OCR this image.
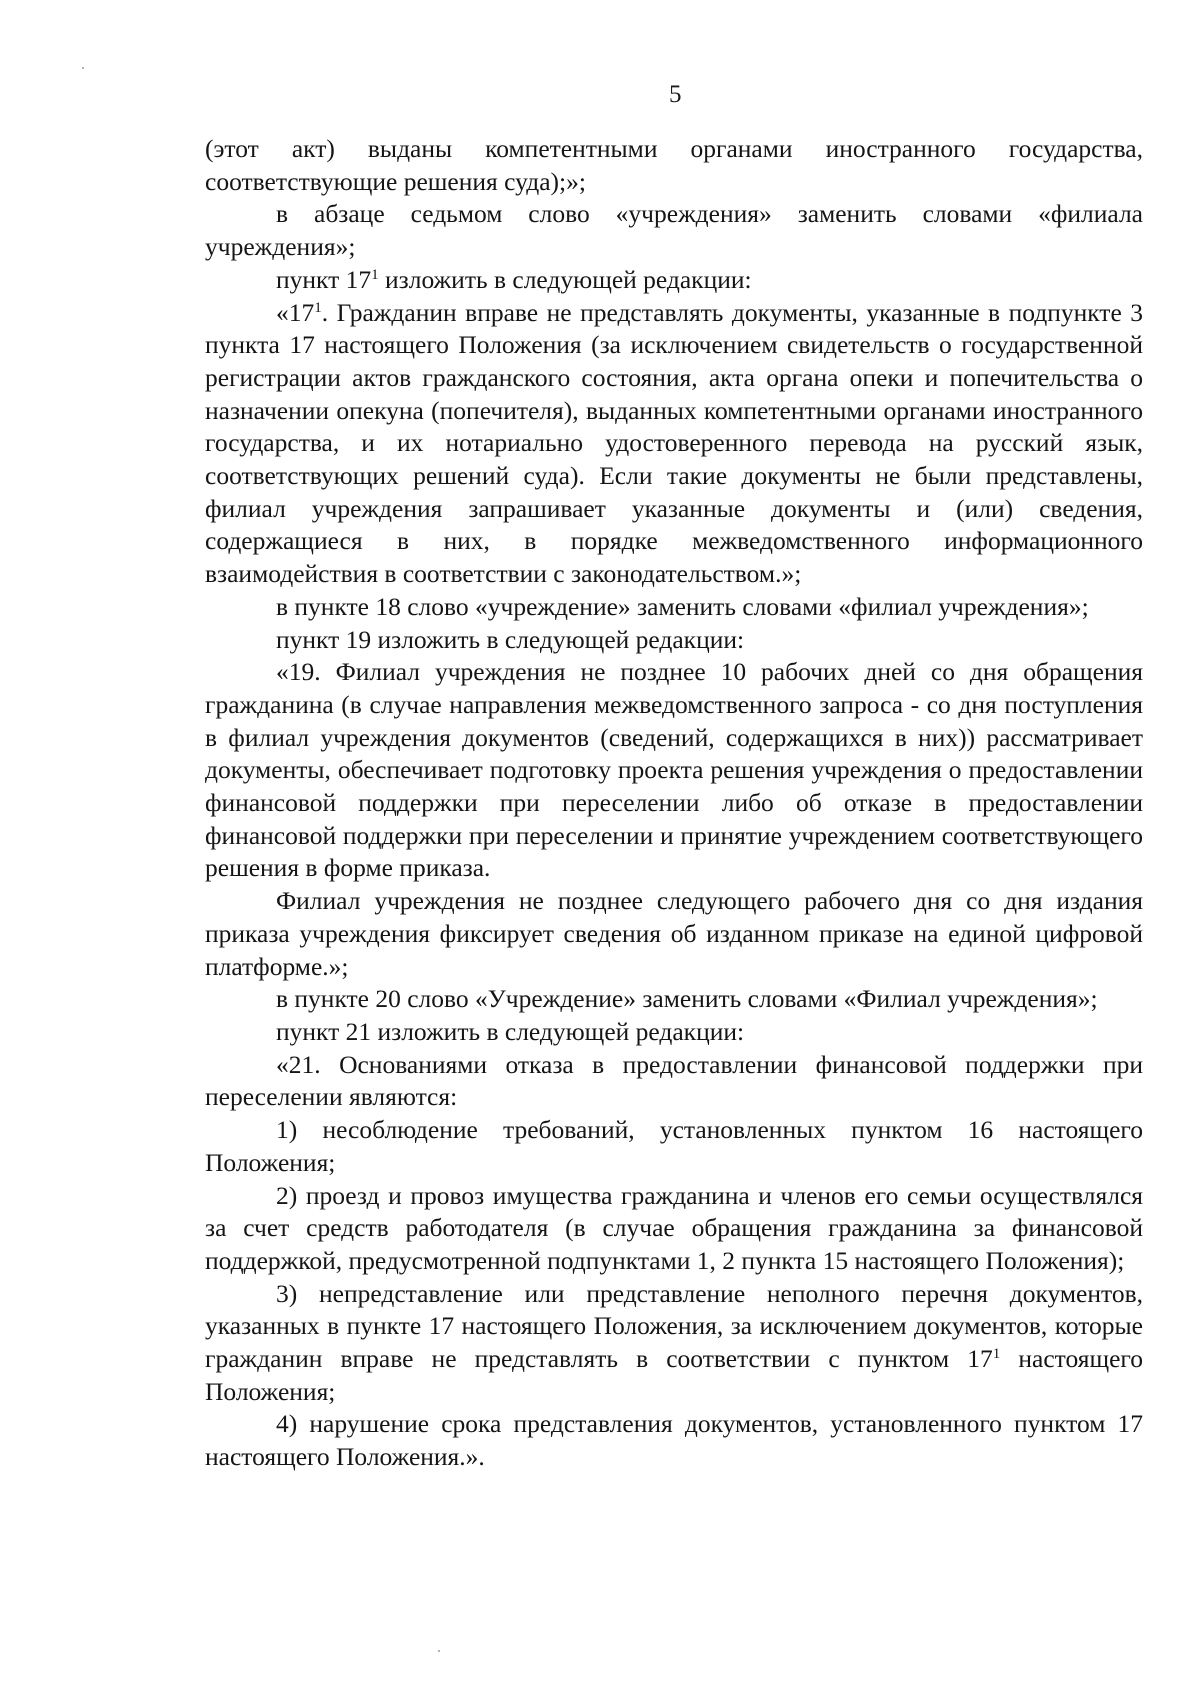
5

(этот акт) выданы компетентными органами иностранного государства, соответствующие решения суда);»;

в абзаце седьмом слово «учреждения» заменить словами «филиала учреждения»;

пункт $17^1$ изложить в следующей редакции:

«$17^1$. Гражданин вправе не представлять документы, указанные в подпункте 3 пункта 17 настоящего Положения (за исключением свидетельств о государственной регистрации актов гражданского состояния, акта органа опеки и попечительства о назначении опекуна (попечителя), выданных компетентными органами иностранного государства, и их нотариально удостоверенного перевода на русский язык, соответствующих решений суда). Если такие документы не были представлены, филиал учреждения запрашивает указанные документы и (или) сведения, содержащиеся в них, в порядке межведомственного информационного взаимодействия в соответствии с законодательством.»;

в пункте 18 слово «учреждение» заменить словами «филиал учреждения»;

пункт 19 изложить в следующей редакции:

«19. Филиал учреждения не позднее 10 рабочих дней со дня обращения гражданина (в случае направления межведомственного запроса - со дня поступления в филиал учреждения документов (сведений, содержащихся в них)) рассматривает документы, обеспечивает подготовку проекта решения учреждения о предоставлении финансовой поддержки при переселении либо об отказе в предоставлении финансовой поддержки при переселении и принятие учреждением соответствующего решения в форме приказа.

Филиал учреждения не позднее следующего рабочего дня со дня издания приказа учреждения фиксирует сведения об изданном приказе на единой цифровой платформе.»;

в пункте 20 слово «Учреждение» заменить словами «Филиал учреждения»;

пункт 21 изложить в следующей редакции:

«21. Основаниями отказа в предоставлении финансовой поддержки при переселении являются:

1) несоблюдение требований, установленных пунктом 16 настоящего Положения;

2) проезд и провоз имущества гражданина и членов его семьи осуществлялся за счет средств работодателя (в случае обращения гражданина за финансовой поддержкой, предусмотренной подпунктами 1, 2 пункта 15 настоящего Положения);

3) непредставление или представление неполного перечня документов, указанных в пункте 17 настоящего Положения, за исключением документов, которые гражданин вправе не представлять в соответствии с пунктом $17^1$ настоящего Положения;

4) нарушение срока представления документов, установленного пунктом 17 настоящего Положения.».
